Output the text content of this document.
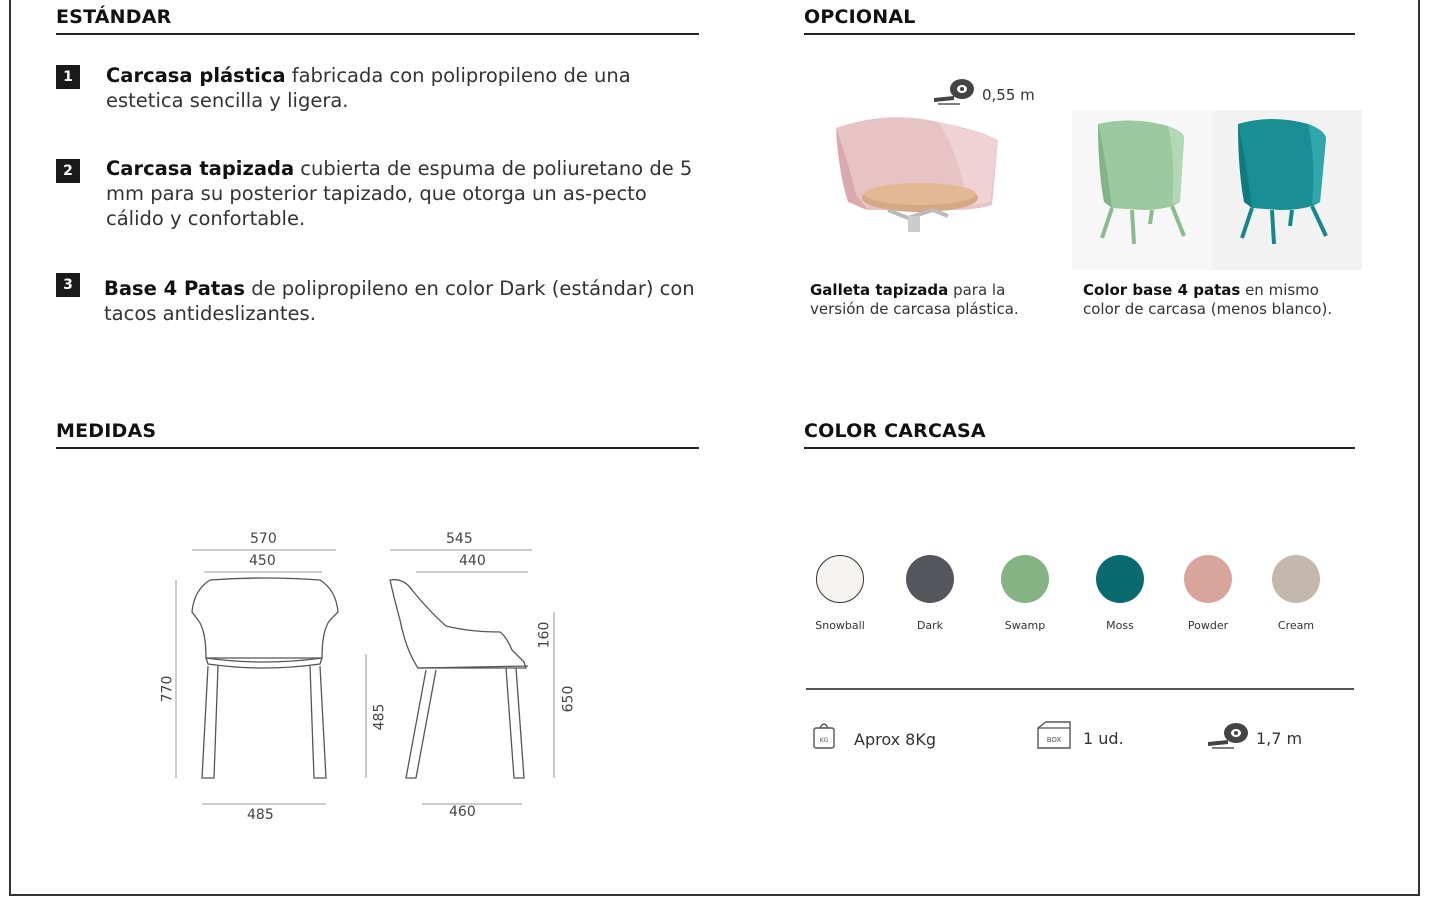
ESTÁNDAR
1	Carcasa plástica fabricada con polipropileno de una estetica sencilla y ligera.
2	Carcasa tapizada cubierta de espuma de poliuretano de 5 mm para su posterior tapizado, que otorga un as-pecto cálido y confortable.
3	Base 4 Patas de polipropileno en color Dark (estándar) con tacos antideslizantes.
OPCIONAL
0,55 m
Galleta tapizada para la versión de carcasa plástica.
Color base 4 patas en mismo color de carcasa (menos blanco).
MEDIDAS
570
450
770
485
545
440
160
485
650
460
COLOR CARCASA
Snowball	Dark	Swamp	Moss	Powder	Cream
KG Aprox 8Kg	BOX 1 ud.	1,7 m
